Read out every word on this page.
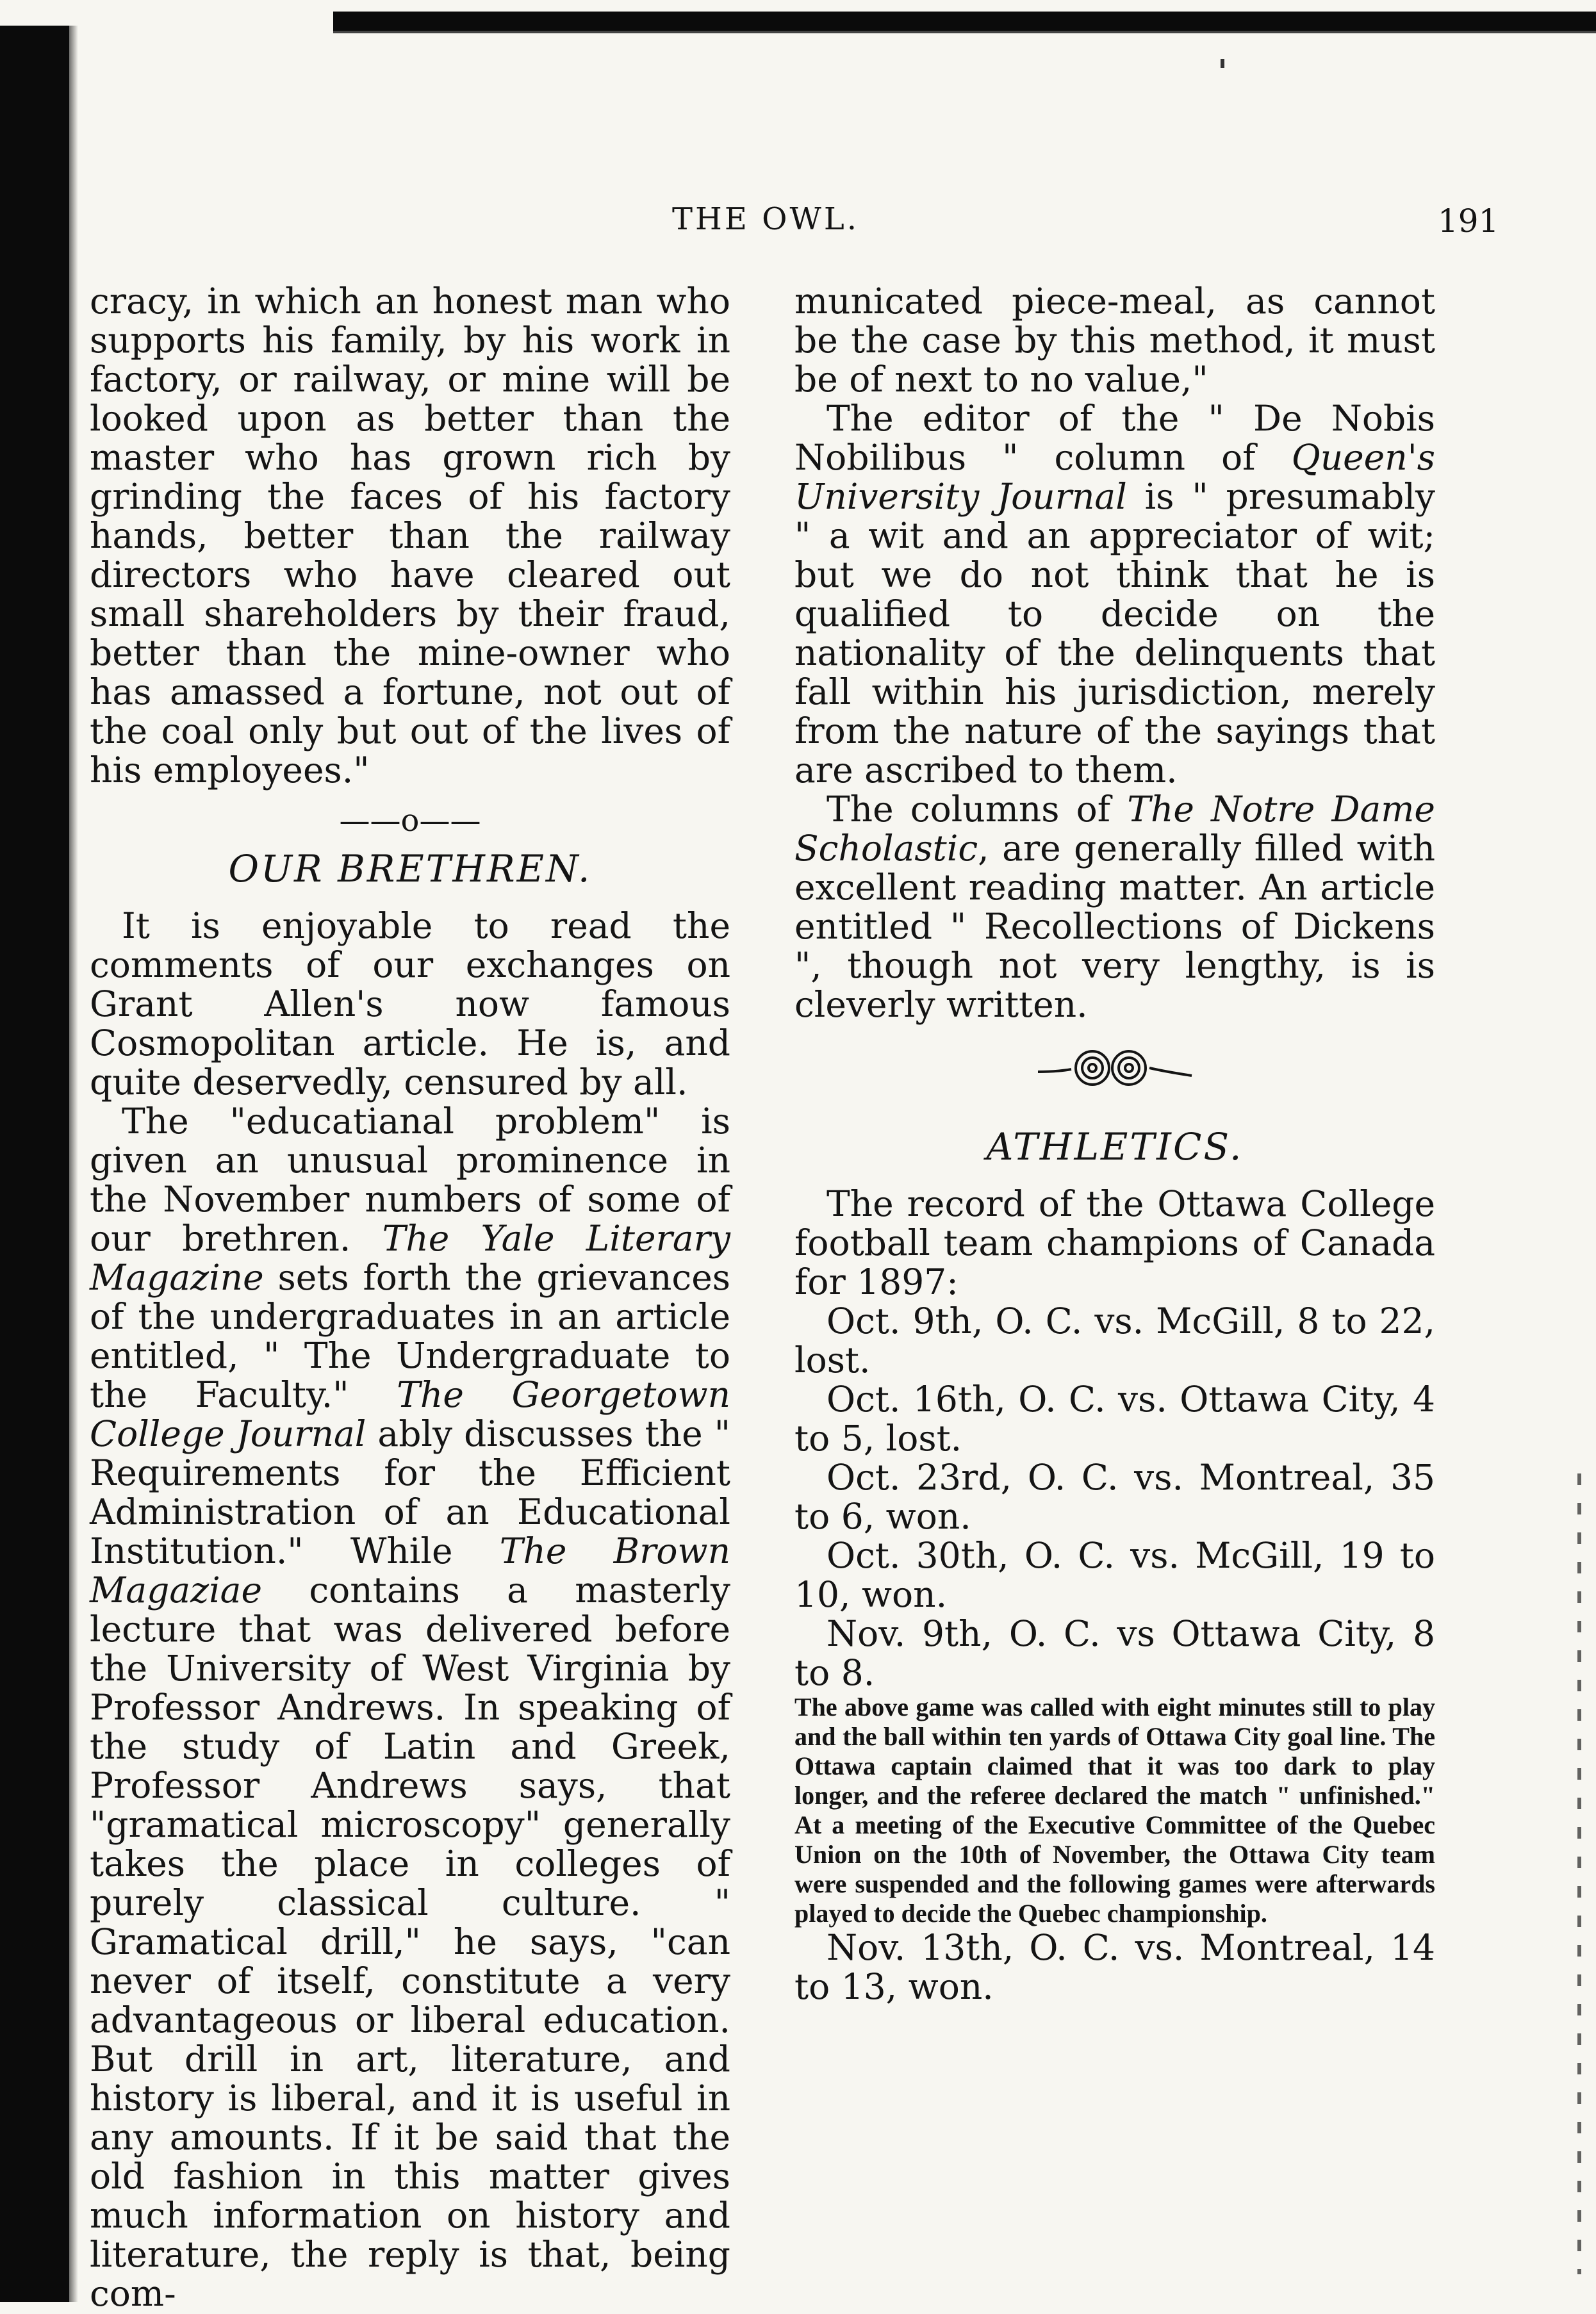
THE OWL.	191

cracy, in which an honest man who supports his family, by his work in factory, or railway, or mine will be looked upon as better than the master who has grown rich by grinding the faces of his factory hands, better than the railway directors who have cleared out small shareholders by their fraud, better than the mine-owner who has amassed a fortune, not out of the coal only but out of the lives of his employees."

——o——
OUR BRETHREN.

It is enjoyable to read the comments of our exchanges on Grant Allen's now famous Cosmopolitan article. He is, and quite deservedly, censured by all.

The "educatianal problem" is given an unusual prominence in the November numbers of some of our brethren. The Yale Literary Magazine sets forth the grievances of the undergraduates in an article entitled, " The Undergraduate to the Faculty." The Georgetown College Journal ably discusses the " Requirements for the Efficient Administration of an Educational Institution." While The Brown Magaziae contains a masterly lecture that was delivered before the University of West Virginia by Professor Andrews. In speaking of the study of Latin and Greek, Professor Andrews says, that "gramatical microscopy" generally takes the place in colleges of purely classical culture. " Gramatical drill," he says, "can never of itself, constitute a very advantageous or liberal education. But drill in art, literature, and history is liberal, and it is useful in any amounts. If it be said that the old fashion in this matter gives much information on history and literature, the reply is that, being com-

municated piece-meal, as cannot be the case by this method, it must be of next to no value,"

The editor of the " De Nobis Nobilibus " column of Queen's University Journal is " presumably " a wit and an appreciator of wit; but we do not think that he is qualified to decide on the nationality of the delinquents that fall within his jurisdiction, merely from the nature of the sayings that are ascribed to them.

The columns of The Notre Dame Scholastic, are generally filled with excellent reading matter. An article entitled " Recollections of Dickens ", though not very lengthy, is is cleverly written.

ATHLETICS.

The record of the Ottawa College football team champions of Canada for 1897:

Oct. 9th, O. C. vs. McGill, 8 to 22, lost.

Oct. 16th, O. C. vs. Ottawa City, 4 to 5, lost.

Oct. 23rd, O. C. vs. Montreal, 35 to 6, won.

Oct. 30th, O. C. vs. McGill, 19 to 10, won.

Nov. 9th, O. C. vs Ottawa City, 8 to 8.

The above game was called with eight minutes still to play and the ball within ten yards of Ottawa City goal line. The Ottawa captain claimed that it was too dark to play longer, and the referee declared the match " unfinished." At a meeting of the Executive Committee of the Quebec Union on the 10th of November, the Ottawa City team were suspended and the following games were afterwards played to decide the Quebec championship.

Nov. 13th, O. C. vs. Montreal, 14 to 13, won.
